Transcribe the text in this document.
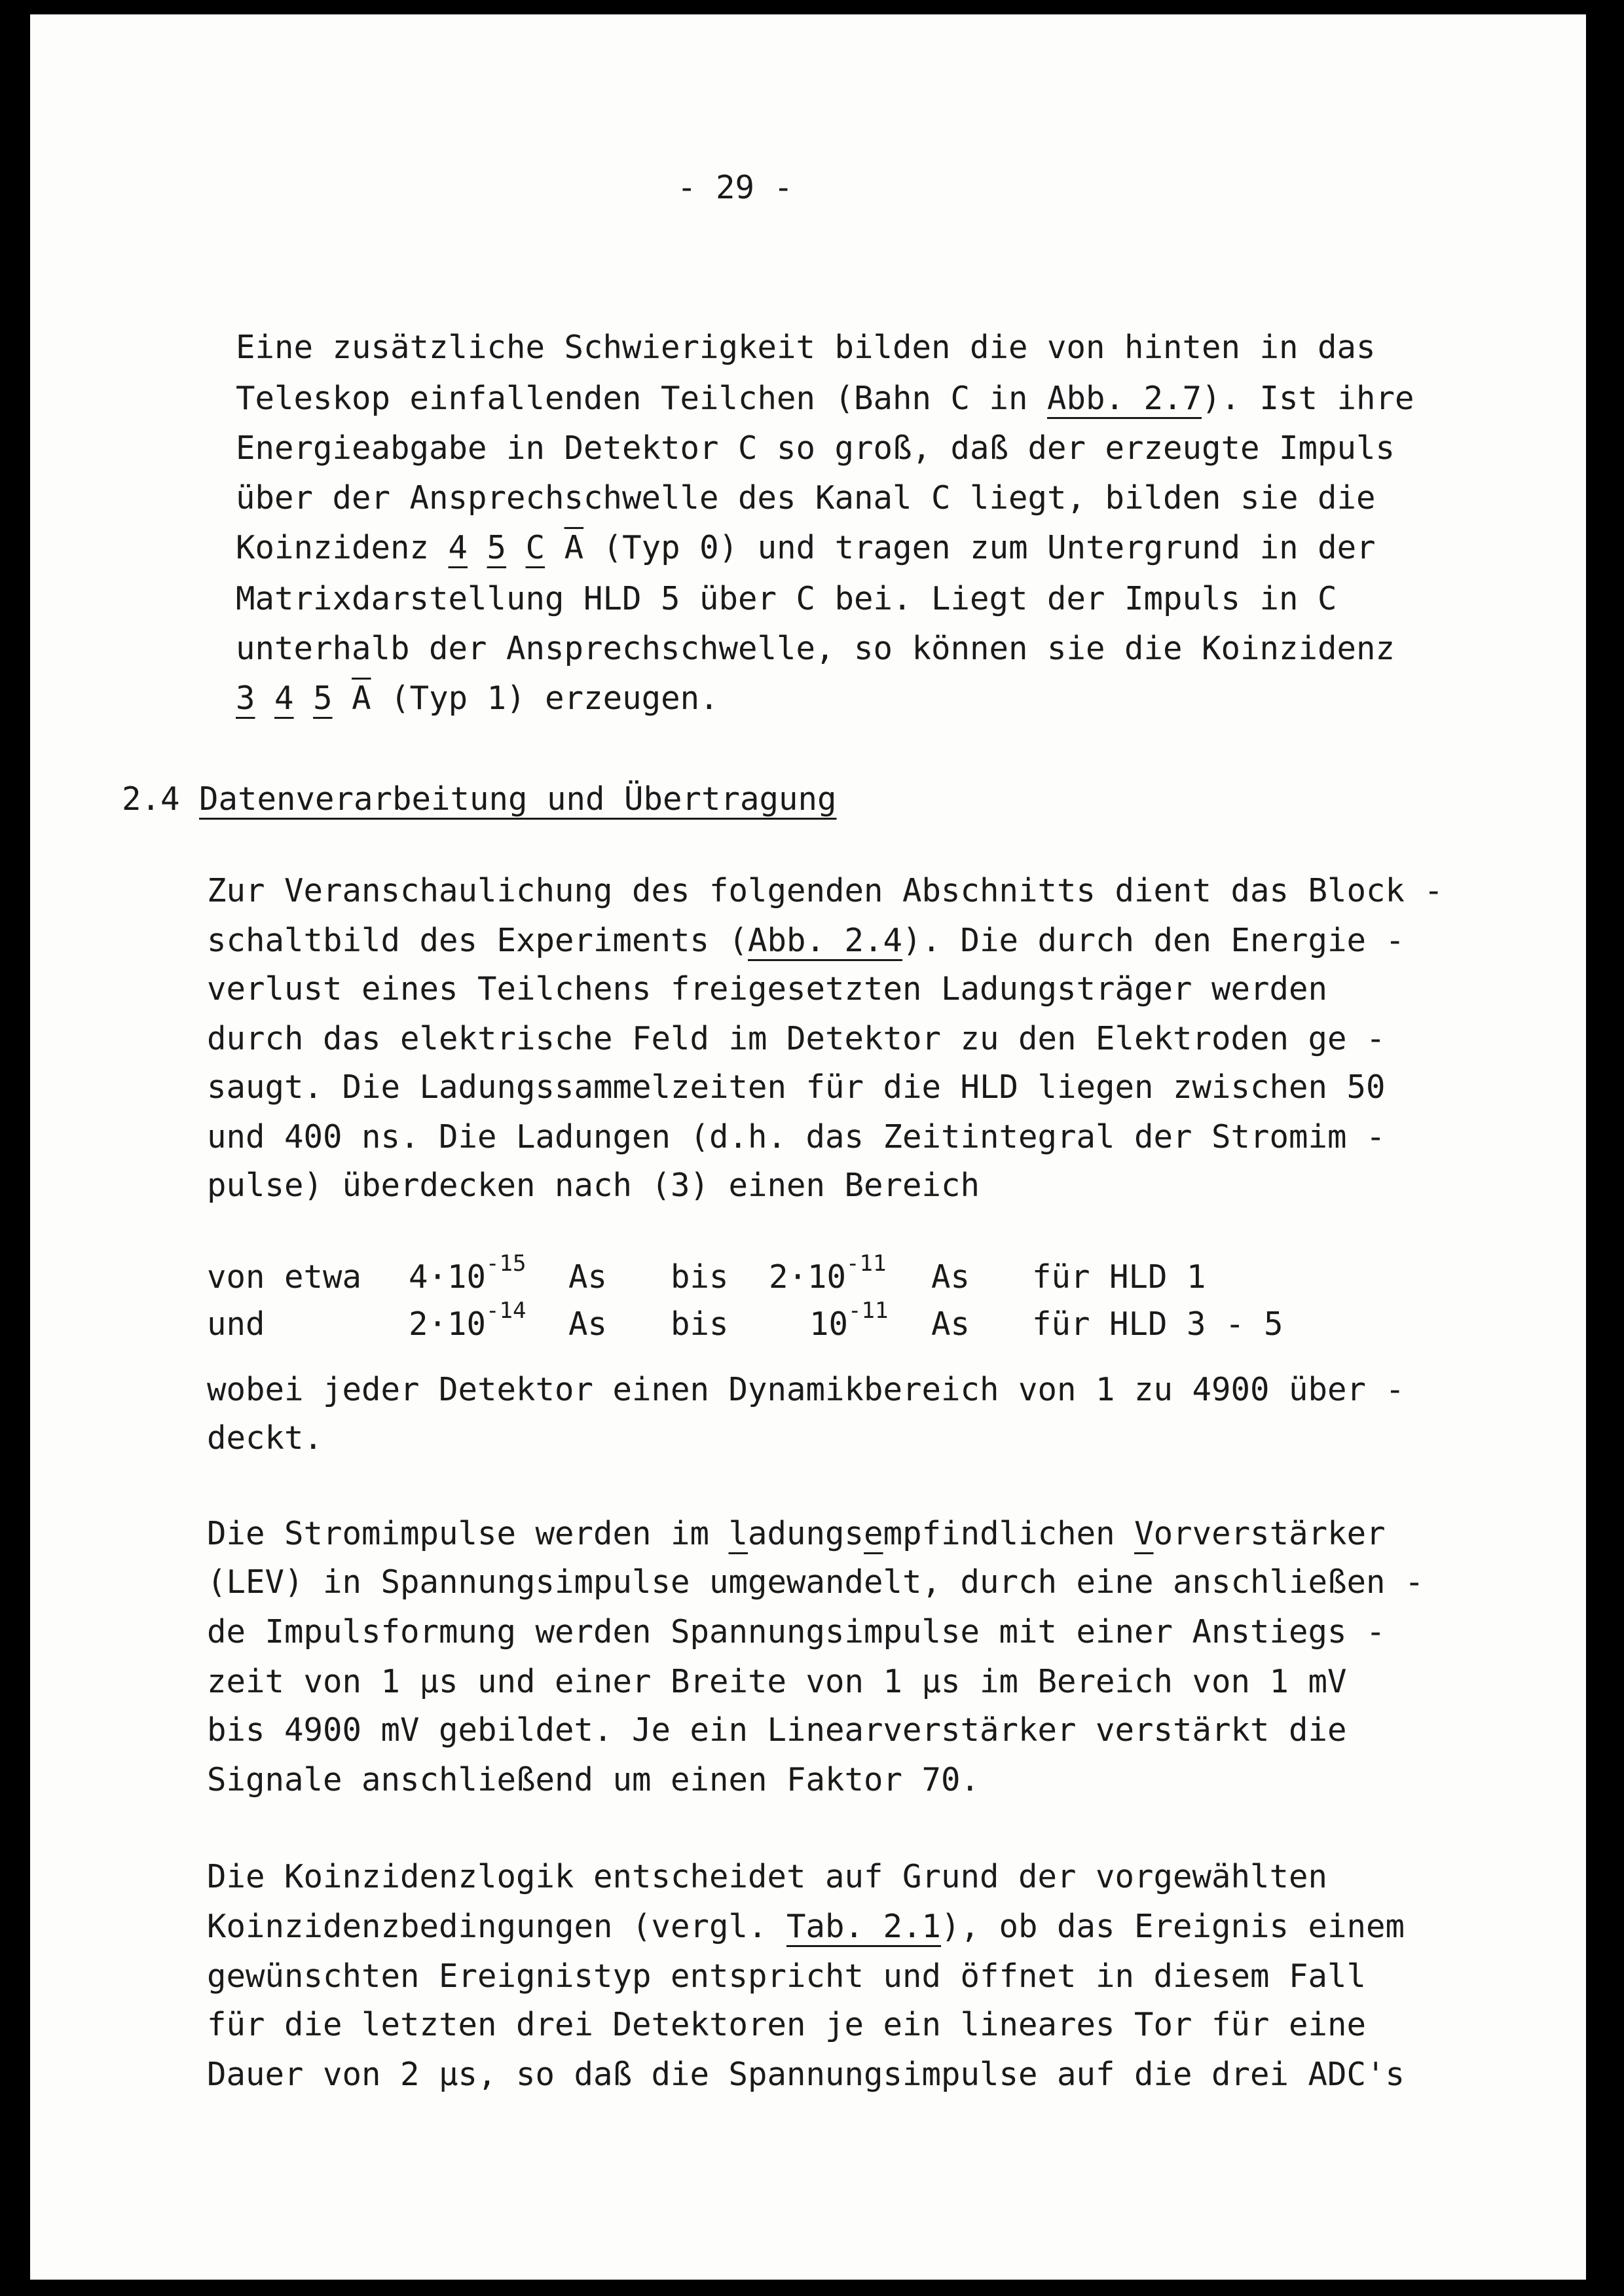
- 29 -

Eine zusätzliche Schwierigkeit bilden die von hinten in das

Teleskop einfallenden Teilchen (Bahn C in Abb. 2.7). Ist ihre

Energieabgabe in Detektor C so groß, daß der erzeugte Impuls

über der Ansprechschwelle des Kanal C liegt, bilden sie die

Koinzidenz 4 5 C $\overline{A}$ (Typ 0) und tragen zum Untergrund in der

Matrixdarstellung HLD 5 über C bei. Liegt der Impuls in C

unterhalb der Ansprechschwelle, so können sie die Koinzidenz

3 4 5 $\overline{A}$ (Typ 1) erzeugen.

2.4 Datenverarbeitung und Übertragung

Zur Veranschaulichung des folgenden Abschnitts dient das Block -

schaltbild des Experiments (Abb. 2.4). Die durch den Energie -

verlust eines Teilchens freigesetzten Ladungsträger werden

durch das elektrische Feld im Detektor zu den Elektroden ge -

saugt. Die Ladungssammelzeiten für die HLD liegen zwischen 50

und 400 ns. Die Ladungen (d.h. das Zeitintegral der Stromim -

pulse) überdecken nach (3) einen Bereich

von etwa $4\cdot 10^{-15}$ As bis $2\cdot 10^{-11}$ As für HLD 1
und	$2\cdot 10^{-14}$ As bis	$10^{-11}$ As für HLD 3 - 5

wobei jeder Detektor einen Dynamikbereich von 1 zu 4900 über -

deckt.

Die Stromimpulse werden im ladungsempfindlichen Vorverstärker

(LEV) in Spannungsimpulse umgewandelt, durch eine anschließen -

de Impulsformung werden Spannungsimpulse mit einer Anstiegs -

zeit von 1 µs und einer Breite von 1 µs im Bereich von 1 mV

bis 4900 mV gebildet. Je ein Linearverstärker verstärkt die

Signale anschließend um einen Faktor 70.

Die Koinzidenzlogik entscheidet auf Grund der vorgewählten

Koinzidenzbedingungen (vergl. Tab. 2.1), ob das Ereignis einem

gewünschten Ereignistyp entspricht und öffnet in diesem Fall

für die letzten drei Detektoren je ein lineares Tor für eine

Dauer von 2 µs, so daß die Spannungsimpulse auf die drei ADC's
